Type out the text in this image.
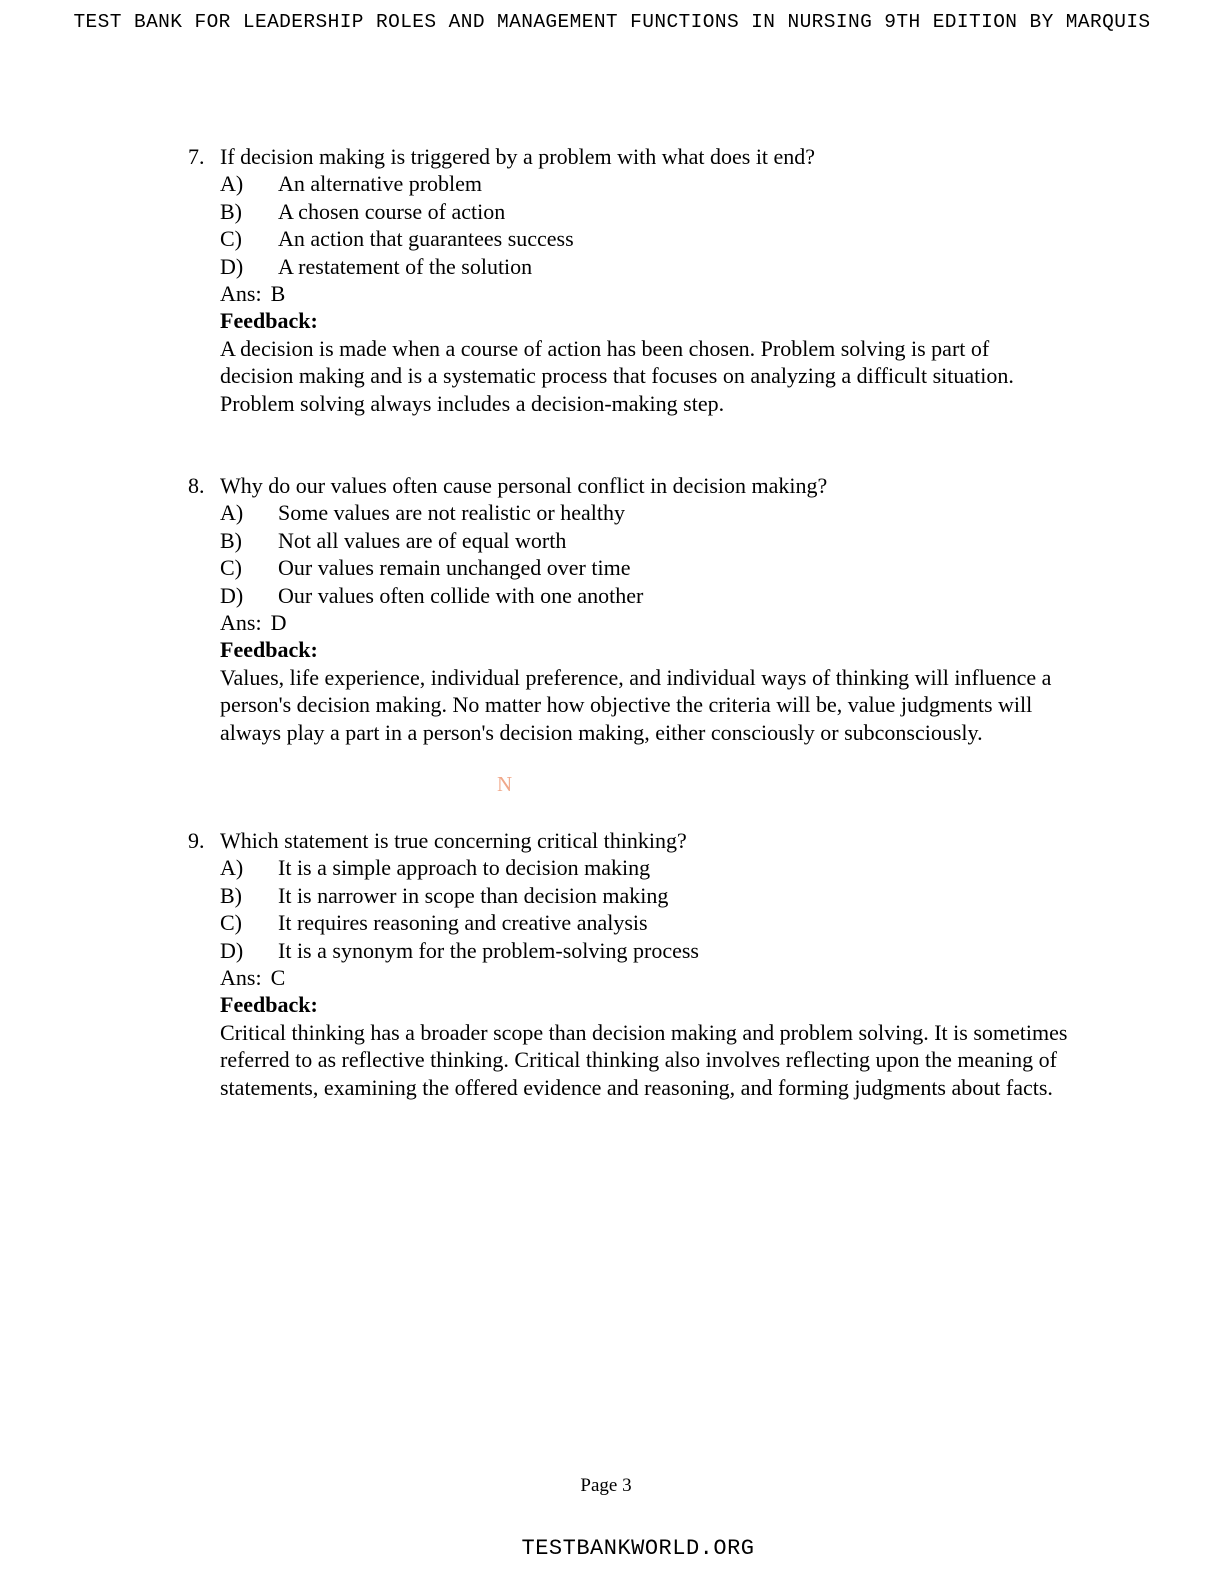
TEST BANK FOR LEADERSHIP ROLES AND MANAGEMENT FUNCTIONS IN NURSING 9TH EDITION BY MARQUIS
7. If decision making is triggered by a problem with what does it end?
A)	An alternative problem
B)	A chosen course of action
C)	An action that guarantees success
D)	A restatement of the solution
Ans: B
Feedback:
A decision is made when a course of action has been chosen. Problem solving is part of decision making and is a systematic process that focuses on analyzing a difficult situation. Problem solving always includes a decision-making step.
8. Why do our values often cause personal conflict in decision making?
A)	Some values are not realistic or healthy
B)	Not all values are of equal worth
C)	Our values remain unchanged over time
D)	Our values often collide with one another
Ans: D
Feedback:
Values, life experience, individual preference, and individual ways of thinking will influence a person's decision making. No matter how objective the criteria will be, value judgments will always play a part in a person's decision making, either consciously or subconsciously.
N
9. Which statement is true concerning critical thinking?
A)	It is a simple approach to decision making
B)	It is narrower in scope than decision making
C)	It requires reasoning and creative analysis
D)	It is a synonym for the problem-solving process
Ans: C
Feedback:
Critical thinking has a broader scope than decision making and problem solving. It is sometimes referred to as reflective thinking. Critical thinking also involves reflecting upon the meaning of statements, examining the offered evidence and reasoning, and forming judgments about facts.
Page 3
TESTBANKWORLD.ORG
